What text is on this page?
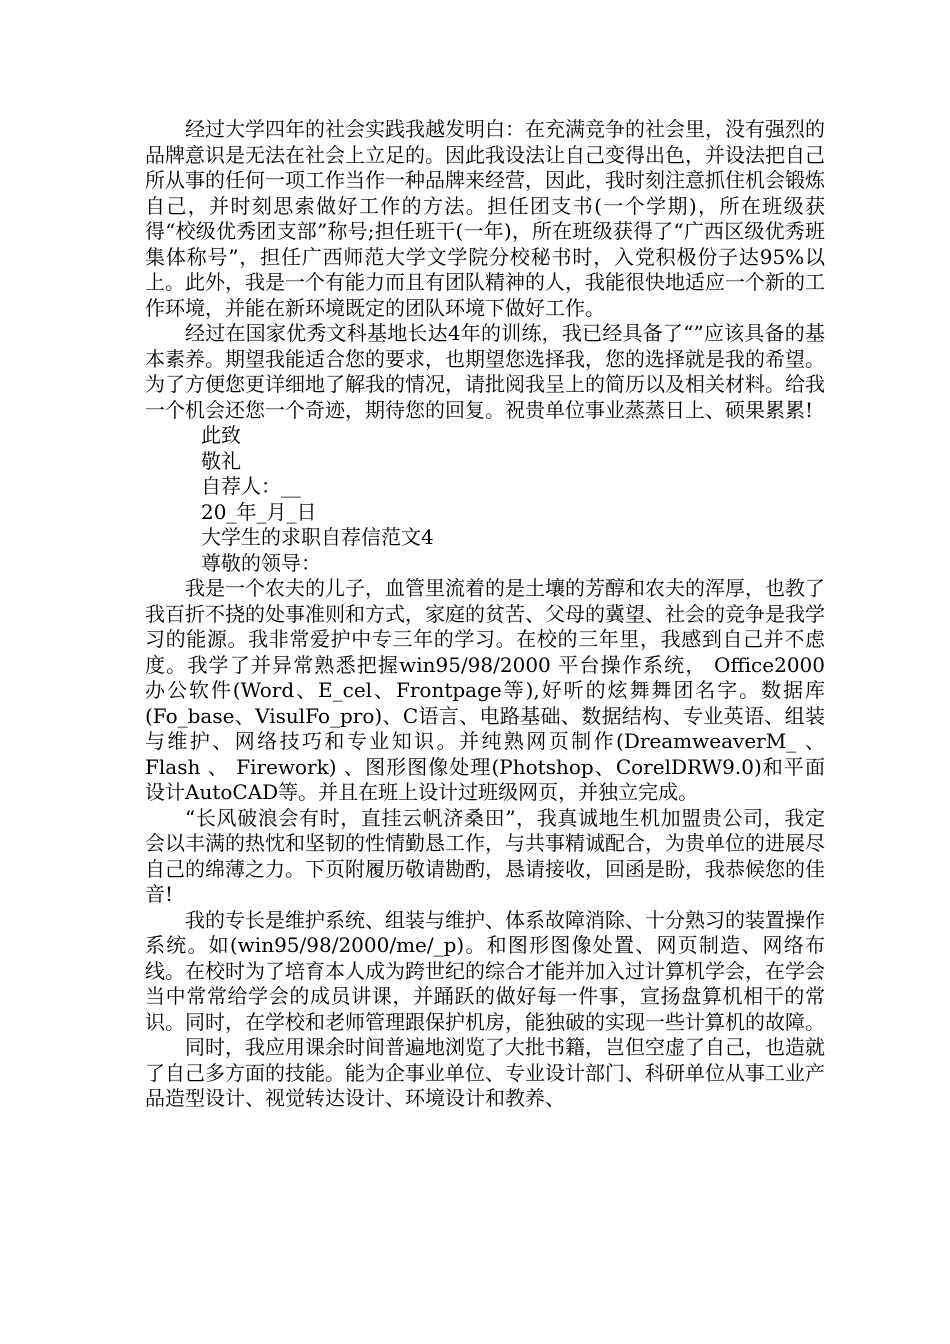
经过大学四年的社会实践我越发明白：在充满竞争的社会里，没有强烈的品牌意识是无法在社会上立足的。因此我设法让自己变得出色，并设法把自己所从事的任何一项工作当作一种品牌来经营，因此，我时刻注意抓住机会锻炼自己，并时刻思索做好工作的方法。担任团支书(一个学期)，所在班级获得“校级优秀团支部”称号;担任班干(一年)，所在班级获得了“广西区级优秀班集体称号”，担任广西师范大学文学院分校秘书时，入党积极份子达95%以上。此外，我是一个有能力而且有团队精神的人，我能很快地适应一个新的工作环境，并能在新环境既定的团队环境下做好工作。

经过在国家优秀文科基地长达4年的训练，我已经具备了“”应该具备的基本素养。期望我能适合您的要求，也期望您选择我，您的选择就是我的希望。为了方便您更详细地了解我的情况，请批阅我呈上的简历以及相关材料。给我一个机会还您一个奇迹，期待您的回复。祝贵单位事业蒸蒸日上、硕果累累!

此致

敬礼

自荐人：__

20_年_月_日

大学生的求职自荐信范文4

尊敬的领导：

我是一个农夫的儿子，血管里流着的是土壤的芳醇和农夫的浑厚，也教了我百折不挠的处事准则和方式，家庭的贫苦、父母的冀望、社会的竞争是我学习的能源。我非常爱护中专三年的学习。在校的三年里，我感到自己并不虑度。我学了并异常熟悉把握win95/98/2000 平台操作系统， Office2000 办公软件(Word、E_cel、Frontpage等),好听的炫舞舞团名字。数据库(Fo_base、VisulFo_pro)、C语言、电路基础、数据结构、专业英语、组装与维护、网络技巧和专业知识。并纯熟网页制作(DreamweaverM_ 、 Flash 、 Firework) 、图形图像处理(Photshop、CorelDRW9.0)和平面设计AutoCAD等。并且在班上设计过班级网页，并独立完成。

“长风破浪会有时，直挂云帆济桑田”，我真诚地生机加盟贵公司，我定会以丰满的热忱和坚韧的性情勤恳工作，与共事精诚配合，为贵单位的进展尽自己的绵薄之力。下页附履历敬请勘酌，恳请接收，回函是盼，我恭候您的佳音!

我的专长是维护系统、组装与维护、体系故障消除、十分熟习的装置操作系统。如(win95/98/2000/me/_p)。和图形图像处置、网页制造、网络布线。在校时为了培育本人成为跨世纪的综合才能并加入过计算机学会，在学会当中常常给学会的成员讲课，并踊跃的做好每一件事，宣扬盘算机相干的常识。同时，在学校和老师管理跟保护机房，能独破的实现一些计算机的故障。

同时，我应用课余时间普遍地浏览了大批书籍，岂但空虚了自己，也造就了自己多方面的技能。能为企事业单位、专业设计部门、科研单位从事工业产品造型设计、视觉转达设计、环境设计和教养、
